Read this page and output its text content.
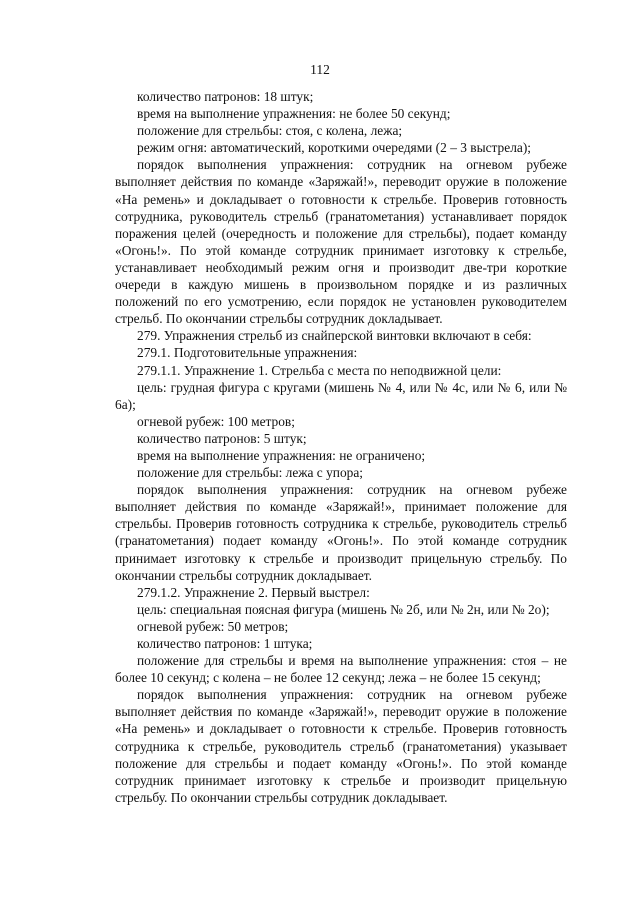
112

количество патронов: 18 штук;

время на выполнение упражнения: не более 50 секунд;

положение для стрельбы: стоя, с колена, лежа;

режим огня: автоматический, короткими очередями (2 – 3 выстрела);

порядок выполнения упражнения: сотрудник на огневом рубеже выполняет действия по команде «Заряжай!», переводит оружие в положение «На ремень» и докладывает о готовности к стрельбе. Проверив готовность сотрудника, руководитель стрельб (гранатометания) устанавливает порядок поражения целей (очередность и положение для стрельбы), подает команду «Огонь!». По этой команде сотрудник принимает изготовку к стрельбе, устанавливает необходимый режим огня и производит две-три короткие очереди в каждую мишень в произвольном порядке и из различных положений по его усмотрению, если порядок не установлен руководителем стрельб. По окончании стрельбы сотрудник докладывает.

279. Упражнения стрельб из снайперской винтовки включают в себя:

279.1. Подготовительные упражнения:

279.1.1. Упражнение 1. Стрельба с места по неподвижной цели:

цель: грудная фигура с кругами (мишень № 4, или № 4с, или № 6, или № 6а);

огневой рубеж: 100 метров;

количество патронов: 5 штук;

время на выполнение упражнения: не ограничено;

положение для стрельбы: лежа с упора;

порядок выполнения упражнения: сотрудник на огневом рубеже выполняет действия по команде «Заряжай!», принимает положение для стрельбы. Проверив готовность сотрудника к стрельбе, руководитель стрельб (гранатометания) подает команду «Огонь!». По этой команде сотрудник принимает изготовку к стрельбе и производит прицельную стрельбу. По окончании стрельбы сотрудник докладывает.

279.1.2. Упражнение 2. Первый выстрел:

цель: специальная поясная фигура (мишень № 2б, или № 2н, или № 2о);

огневой рубеж: 50 метров;

количество патронов: 1 штука;

положение для стрельбы и время на выполнение упражнения: стоя – не более 10 секунд; с колена – не более 12 секунд; лежа – не более 15 секунд;

порядок выполнения упражнения: сотрудник на огневом рубеже выполняет действия по команде «Заряжай!», переводит оружие в положение «На ремень» и докладывает о готовности к стрельбе. Проверив готовность сотрудника к стрельбе, руководитель стрельб (гранатометания) указывает положение для стрельбы и подает команду «Огонь!». По этой команде сотрудник принимает изготовку к стрельбе и производит прицельную стрельбу. По окончании стрельбы сотрудник докладывает.
